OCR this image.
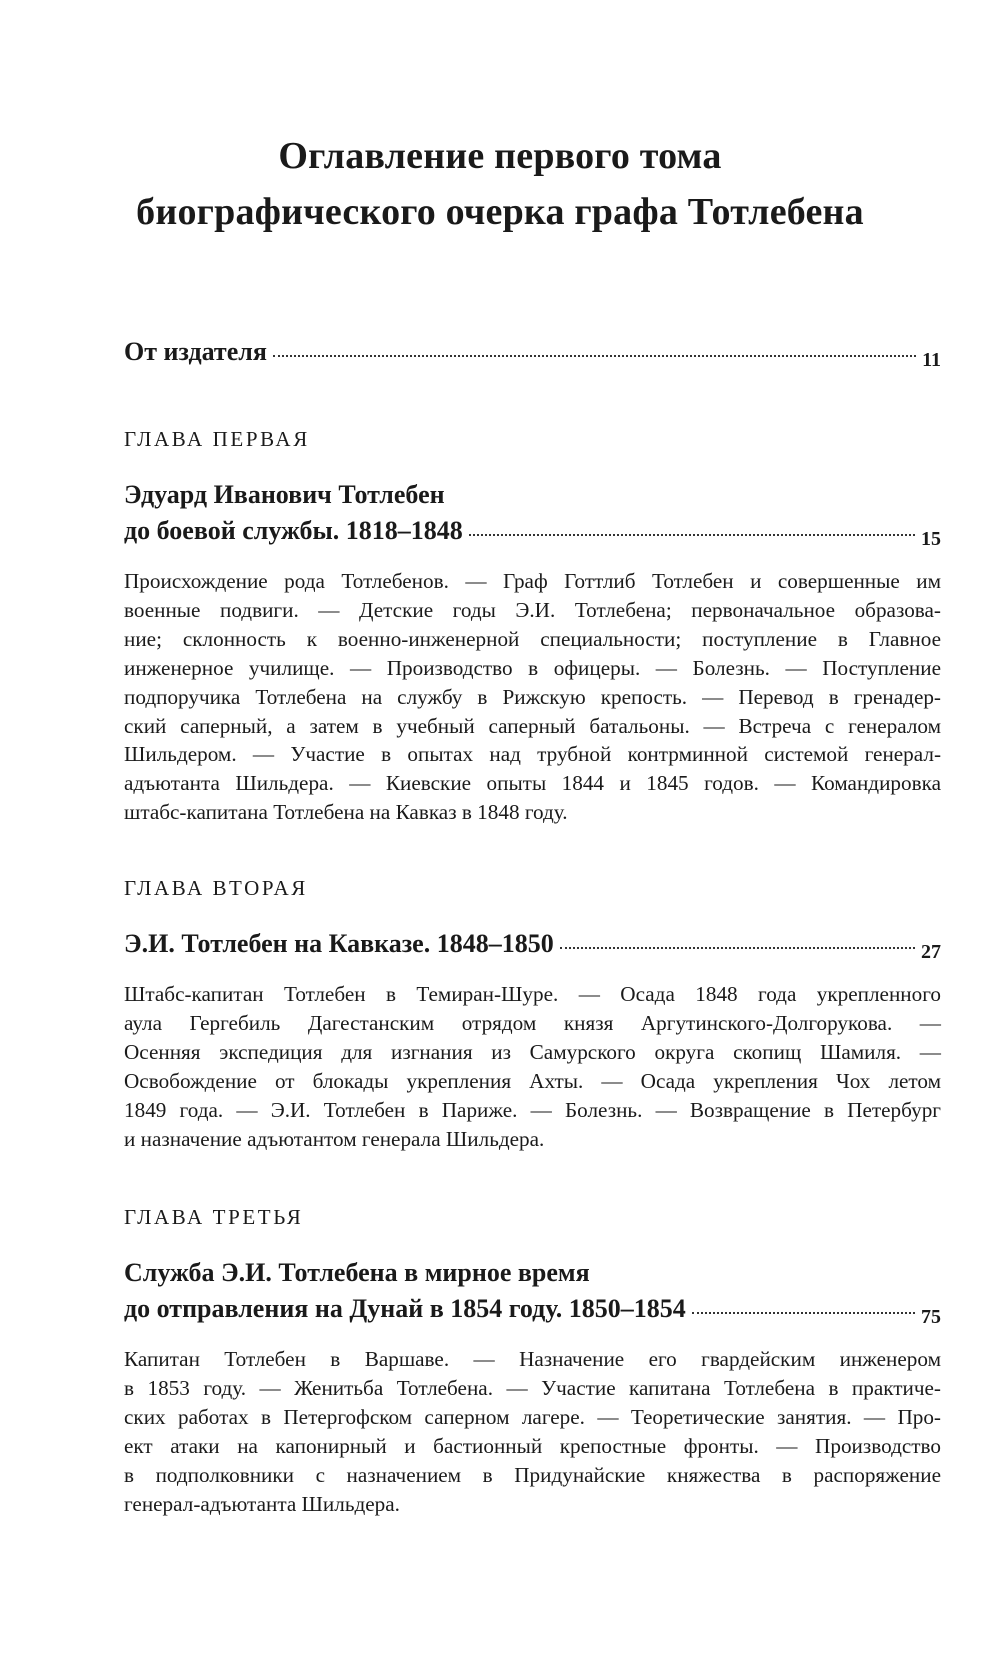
Оглавление первого тома
биографического очерка графа Тотлебена
От издателя	11
ГЛАВА ПЕРВАЯ
Эдуард Иванович Тотлебен
до боевой службы. 1818–1848	15
Происхождение рода Тотлебенов. — Граф Готтлиб Тотлебен и совершенные им
военные подвиги. — Детские годы Э.И. Тотлебена; первоначальное образова-
ние; склонность к военно-инженерной специальности; поступление в Главное
инженерное училище. — Производство в офицеры. — Болезнь. — Поступление
подпоручика Тотлебена на службу в Рижскую крепость. — Перевод в гренадер-
ский саперный, а затем в учебный саперный батальоны. — Встреча с генералом
Шильдером. — Участие в опытах над трубной контрминной системой генерал-
адъютанта Шильдера. — Киевские опыты 1844 и 1845 годов. — Командировка
штабс-капитана Тотлебена на Кавказ в 1848 году.
ГЛАВА ВТОРАЯ
Э.И. Тотлебен на Кавказе. 1848–1850	27
Штабс-капитан Тотлебен в Темиран-Шуре. — Осада 1848 года укрепленного
аула Гергебиль Дагестанским отрядом князя Аргутинского-Долгорукова. —
Осенняя экспедиция для изгнания из Самурского округа скопищ Шамиля. —
Освобождение от блокады укрепления Ахты. — Осада укрепления Чох летом
1849 года. — Э.И. Тотлебен в Париже. — Болезнь. — Возвращение в Петербург
и назначение адъютантом генерала Шильдера.
ГЛАВА ТРЕТЬЯ
Служба Э.И. Тотлебена в мирное время
до отправления на Дунай в 1854 году. 1850–1854	75
Капитан Тотлебен в Варшаве. — Назначение его гвардейским инженером
в 1853 году. — Женитьба Тотлебена. — Участие капитана Тотлебена в практиче-
ских работах в Петергофском саперном лагере. — Теоретические занятия. — Про-
ект атаки на капонирный и бастионный крепостные фронты. — Производство
в подполковники с назначением в Придунайские княжества в распоряжение
генерал-адъютанта Шильдера.
